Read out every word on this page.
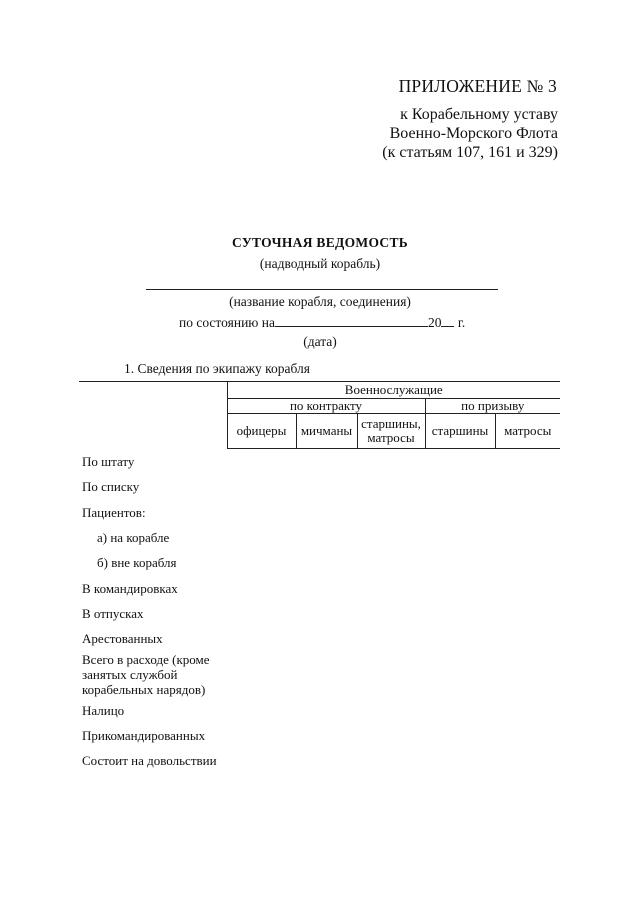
ПРИЛОЖЕНИЕ № 3
к Корабельному уставу
Военно-Морского Флота
(к статьям 107, 161 и 329)
СУТОЧНАЯ ВЕДОМОСТЬ
(надводный корабль)
(название корабля, соединения)
по состоянию на	20 г.
(дата)
1. Сведения по экипажу корабля
	Военнослужащие				
	по контракту			по призыву	
	офицеры	мичманы	старшины, матросы	старшины	матросы
По штату
По списку
Пациентов:
а) на корабле
б) вне корабля
В командировках
В отпусках
Арестованных
Всего в расходе (кроме занятых службой корабельных нарядов)
Налицо
Прикомандированных
Состоит на довольствии
